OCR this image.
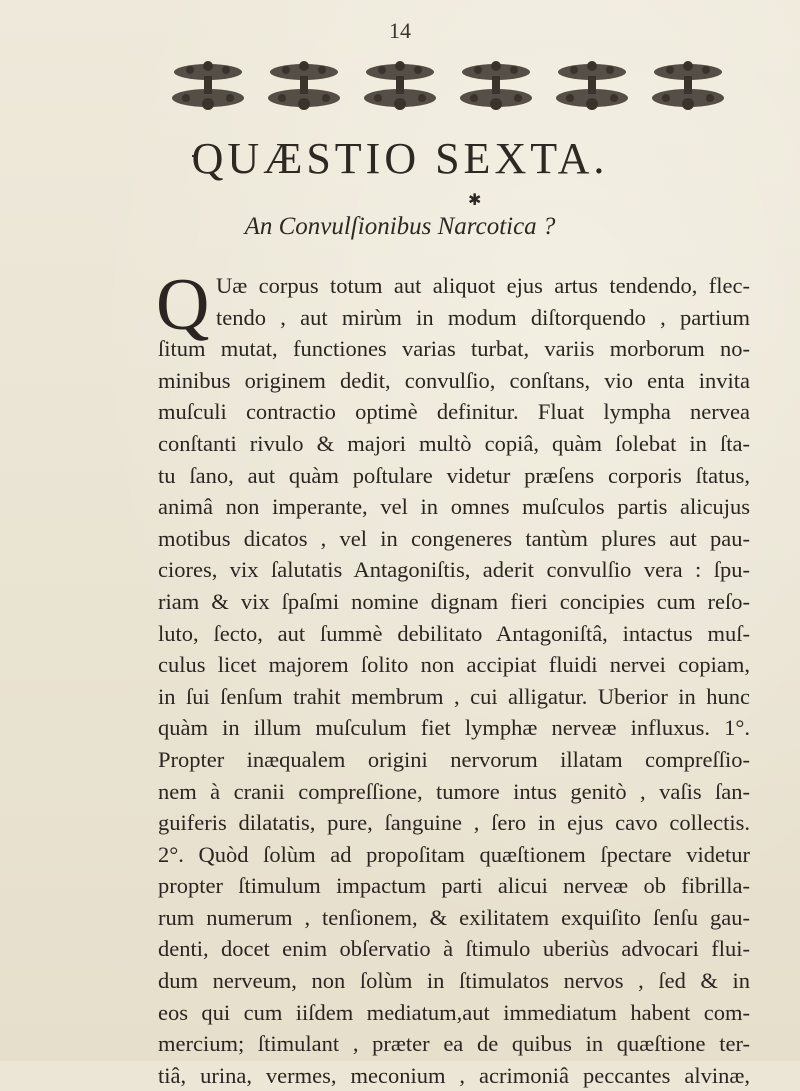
14
QUÆSTIO SEXTA.
✱
An Convulſionibus Narcotica ?
Q Uæ corpus totum aut aliquot ejus artus tendendo, flec-
tendo , aut mirùm in modum diſtorquendo , partium
ſitum mutat, functiones varias turbat, variis morborum no-
minibus originem dedit, convulſio, conſtans, vio enta invita
muſculi contractio optimè definitur. Fluat lympha nervea
conſtanti rivulo & majori multò copiâ, quàm ſolebat in ſta-
tu ſano, aut quàm poſtulare videtur præſens corporis ſtatus,
animâ non imperante, vel in omnes muſculos partis alicujus
motibus dicatos , vel in congeneres tantùm plures aut pau-
ciores, vix ſalutatis Antagoniſtis, aderit convulſio vera : ſpu-
riam & vix ſpaſmi nomine dignam fieri concipies cum reſo-
luto, ſecto, aut ſummè debilitato Antagoniſtâ, intactus muſ-
culus licet majorem ſolito non accipiat fluidi nervei copiam,
in ſui ſenſum trahit membrum , cui alligatur. Uberior in hunc
quàm in illum muſculum fiet lymphæ nerveæ influxus. 1°.
Propter inæqualem origini nervorum illatam compreſſio-
nem à cranii compreſſione, tumore intus genitò , vaſis ſan-
guiferis dilatatis, pure, ſanguine , ſero in ejus cavo collectis.
2°. Quòd ſolùm ad propoſitam quæſtionem ſpectare videtur
propter ſtimulum impactum parti alicui nerveæ ob fibrilla-
rum numerum , tenſionem, & exilitatem exquiſito ſenſu gau-
denti, docet enim obſervatio à ſtimulo uberiùs advocari flui-
dum nerveum, non ſolùm in ſtimulatos nervos , ſed & in
eos qui cum iiſdem mediatum,aut immediatum habent com-
mercium; ſtimulant , præter ea de quibus in quæſtione ter-
tiâ, urina, vermes, meconium , acrimoniâ peccantes alvinæ,
